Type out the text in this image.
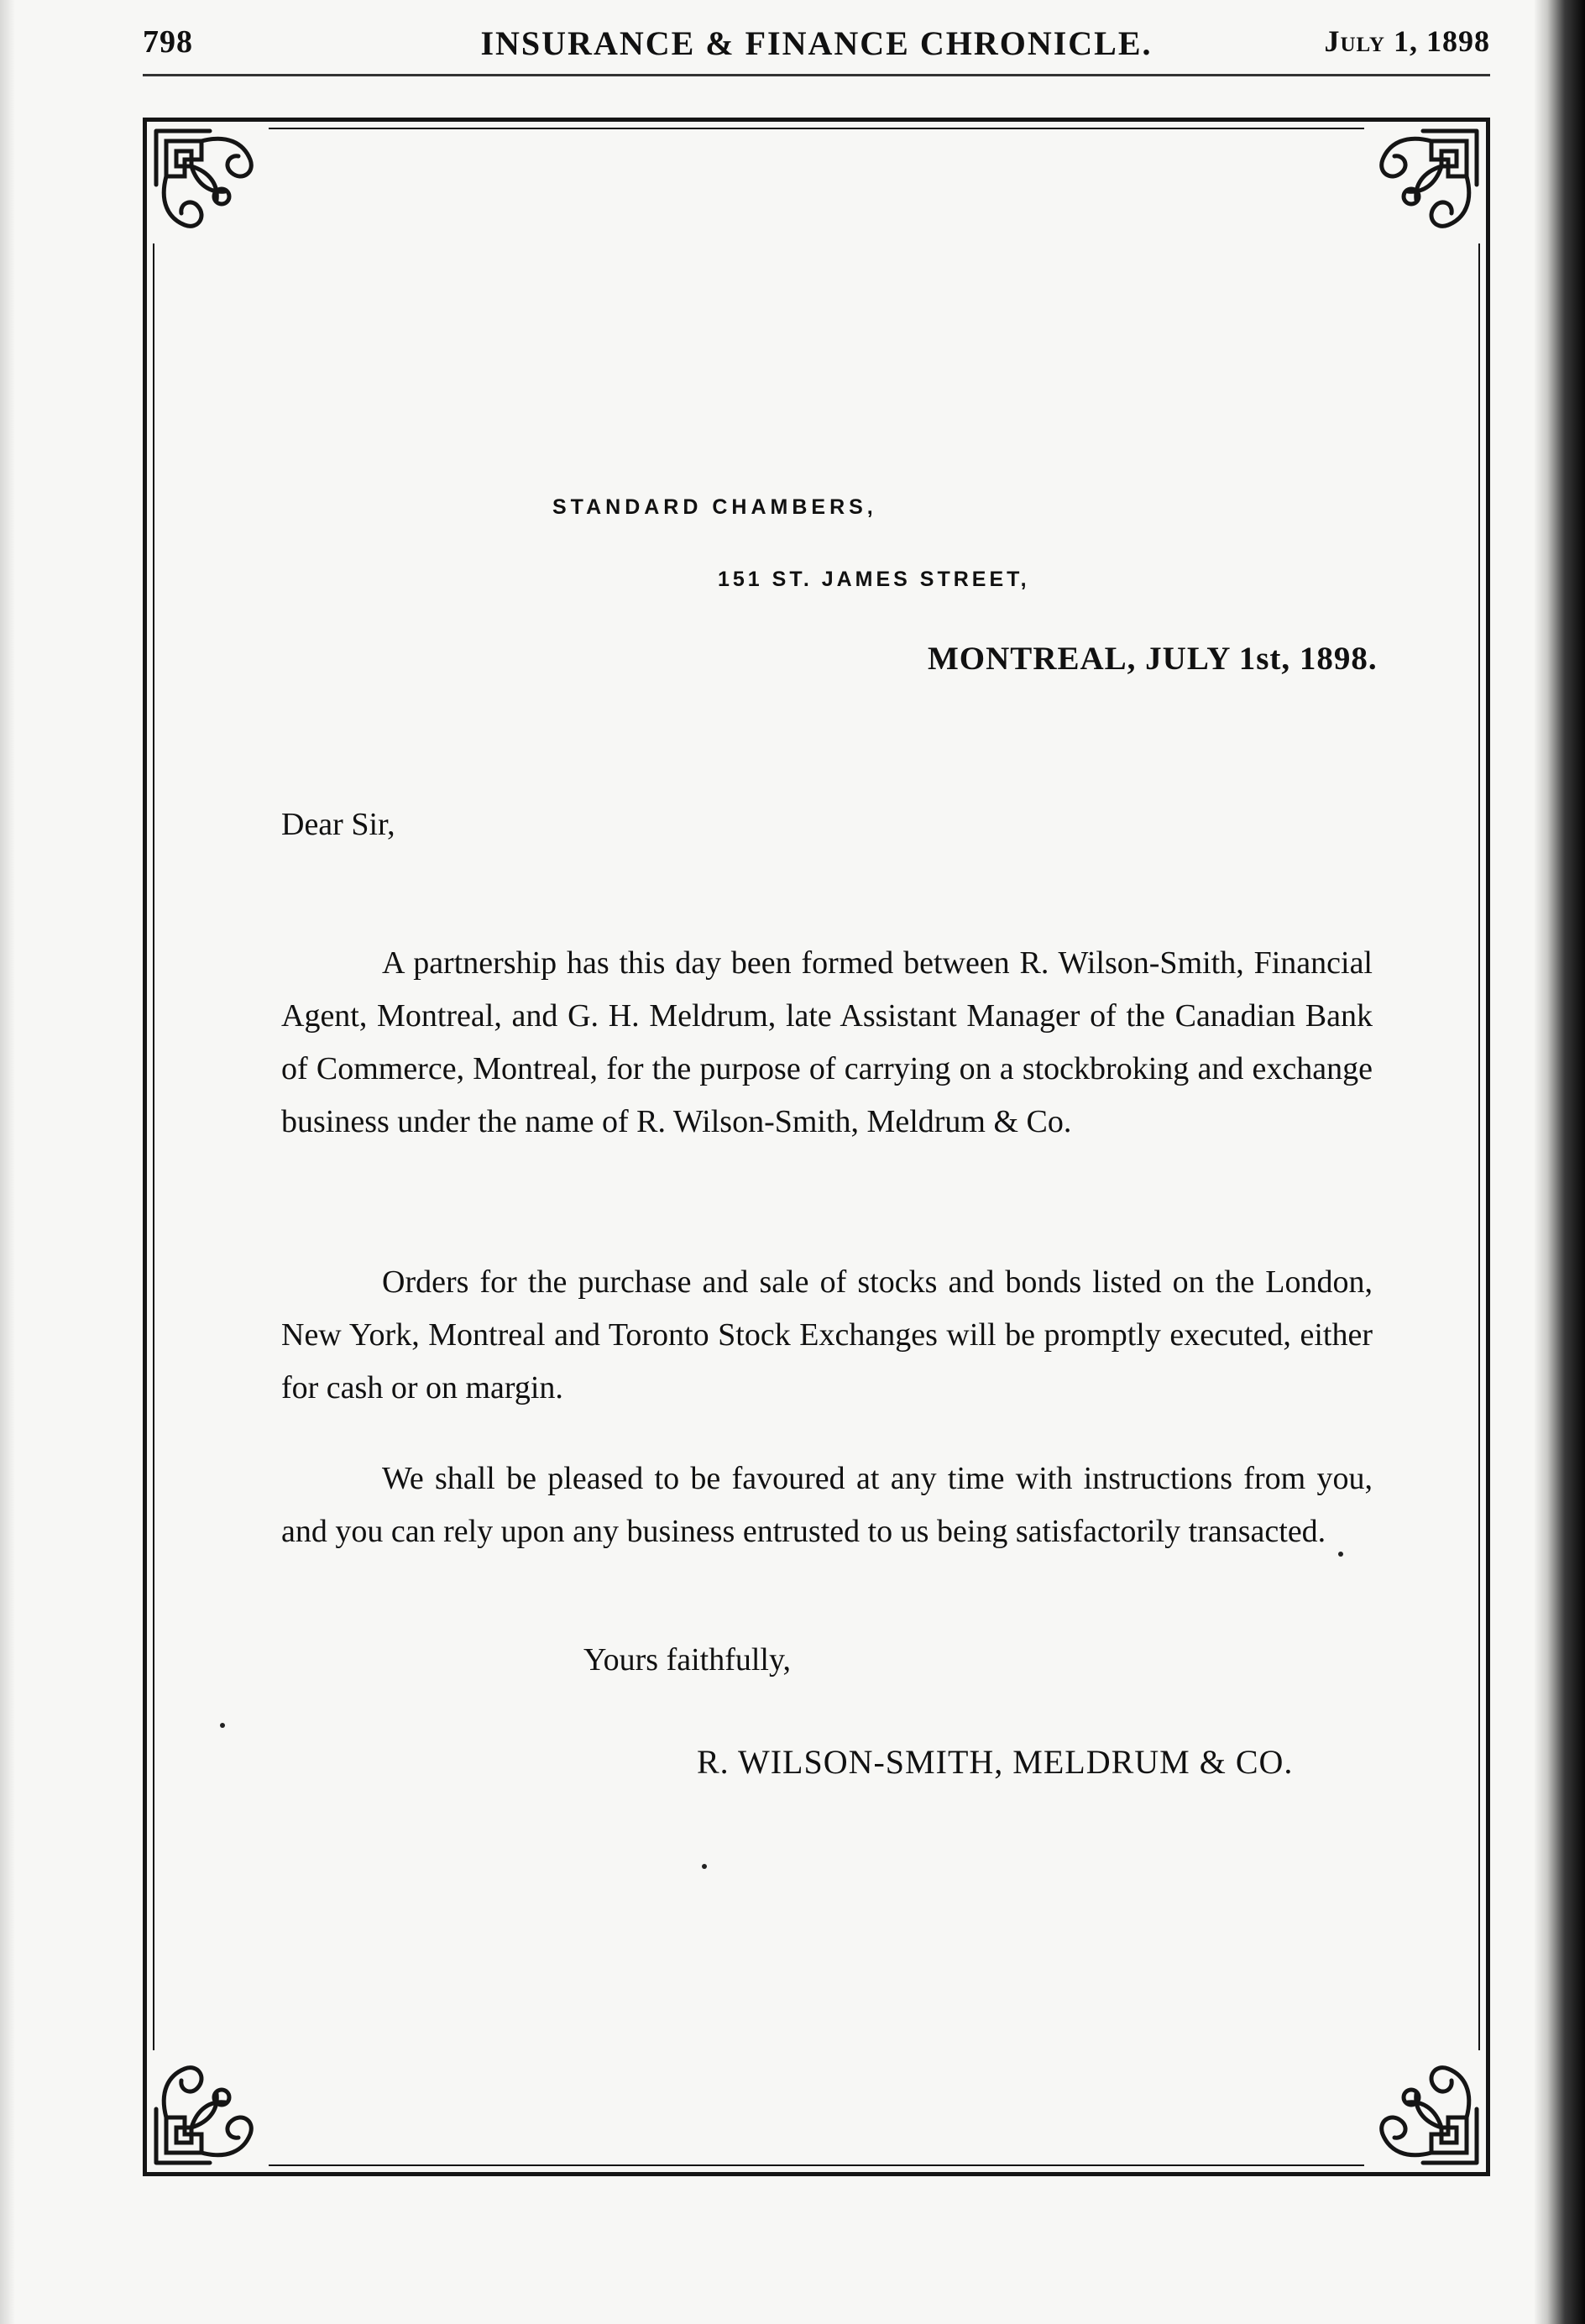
798	INSURANCE & FINANCE CHRONICLE.	July 1, 1898
STANDARD CHAMBERS,
151 ST. JAMES STREET,
MONTREAL, JULY 1st, 1898.
Dear Sir,

A partnership has this day been formed between R. Wilson-Smith, Financial Agent, Montreal, and G. H. Meldrum, late Assistant Manager of the Canadian Bank of Commerce, Montreal, for the purpose of carrying on a stockbroking and exchange business under the name of R. Wilson-Smith, Meldrum & Co.

Orders for the purchase and sale of stocks and bonds listed on the London, New York, Montreal and Toronto Stock Exchanges will be promptly executed, either for cash or on margin.

We shall be pleased to be favoured at any time with instructions from you, and you can rely upon any business entrusted to us being satisfactorily transacted.

Yours faithfully,
R. WILSON-SMITH, MELDRUM & CO.
